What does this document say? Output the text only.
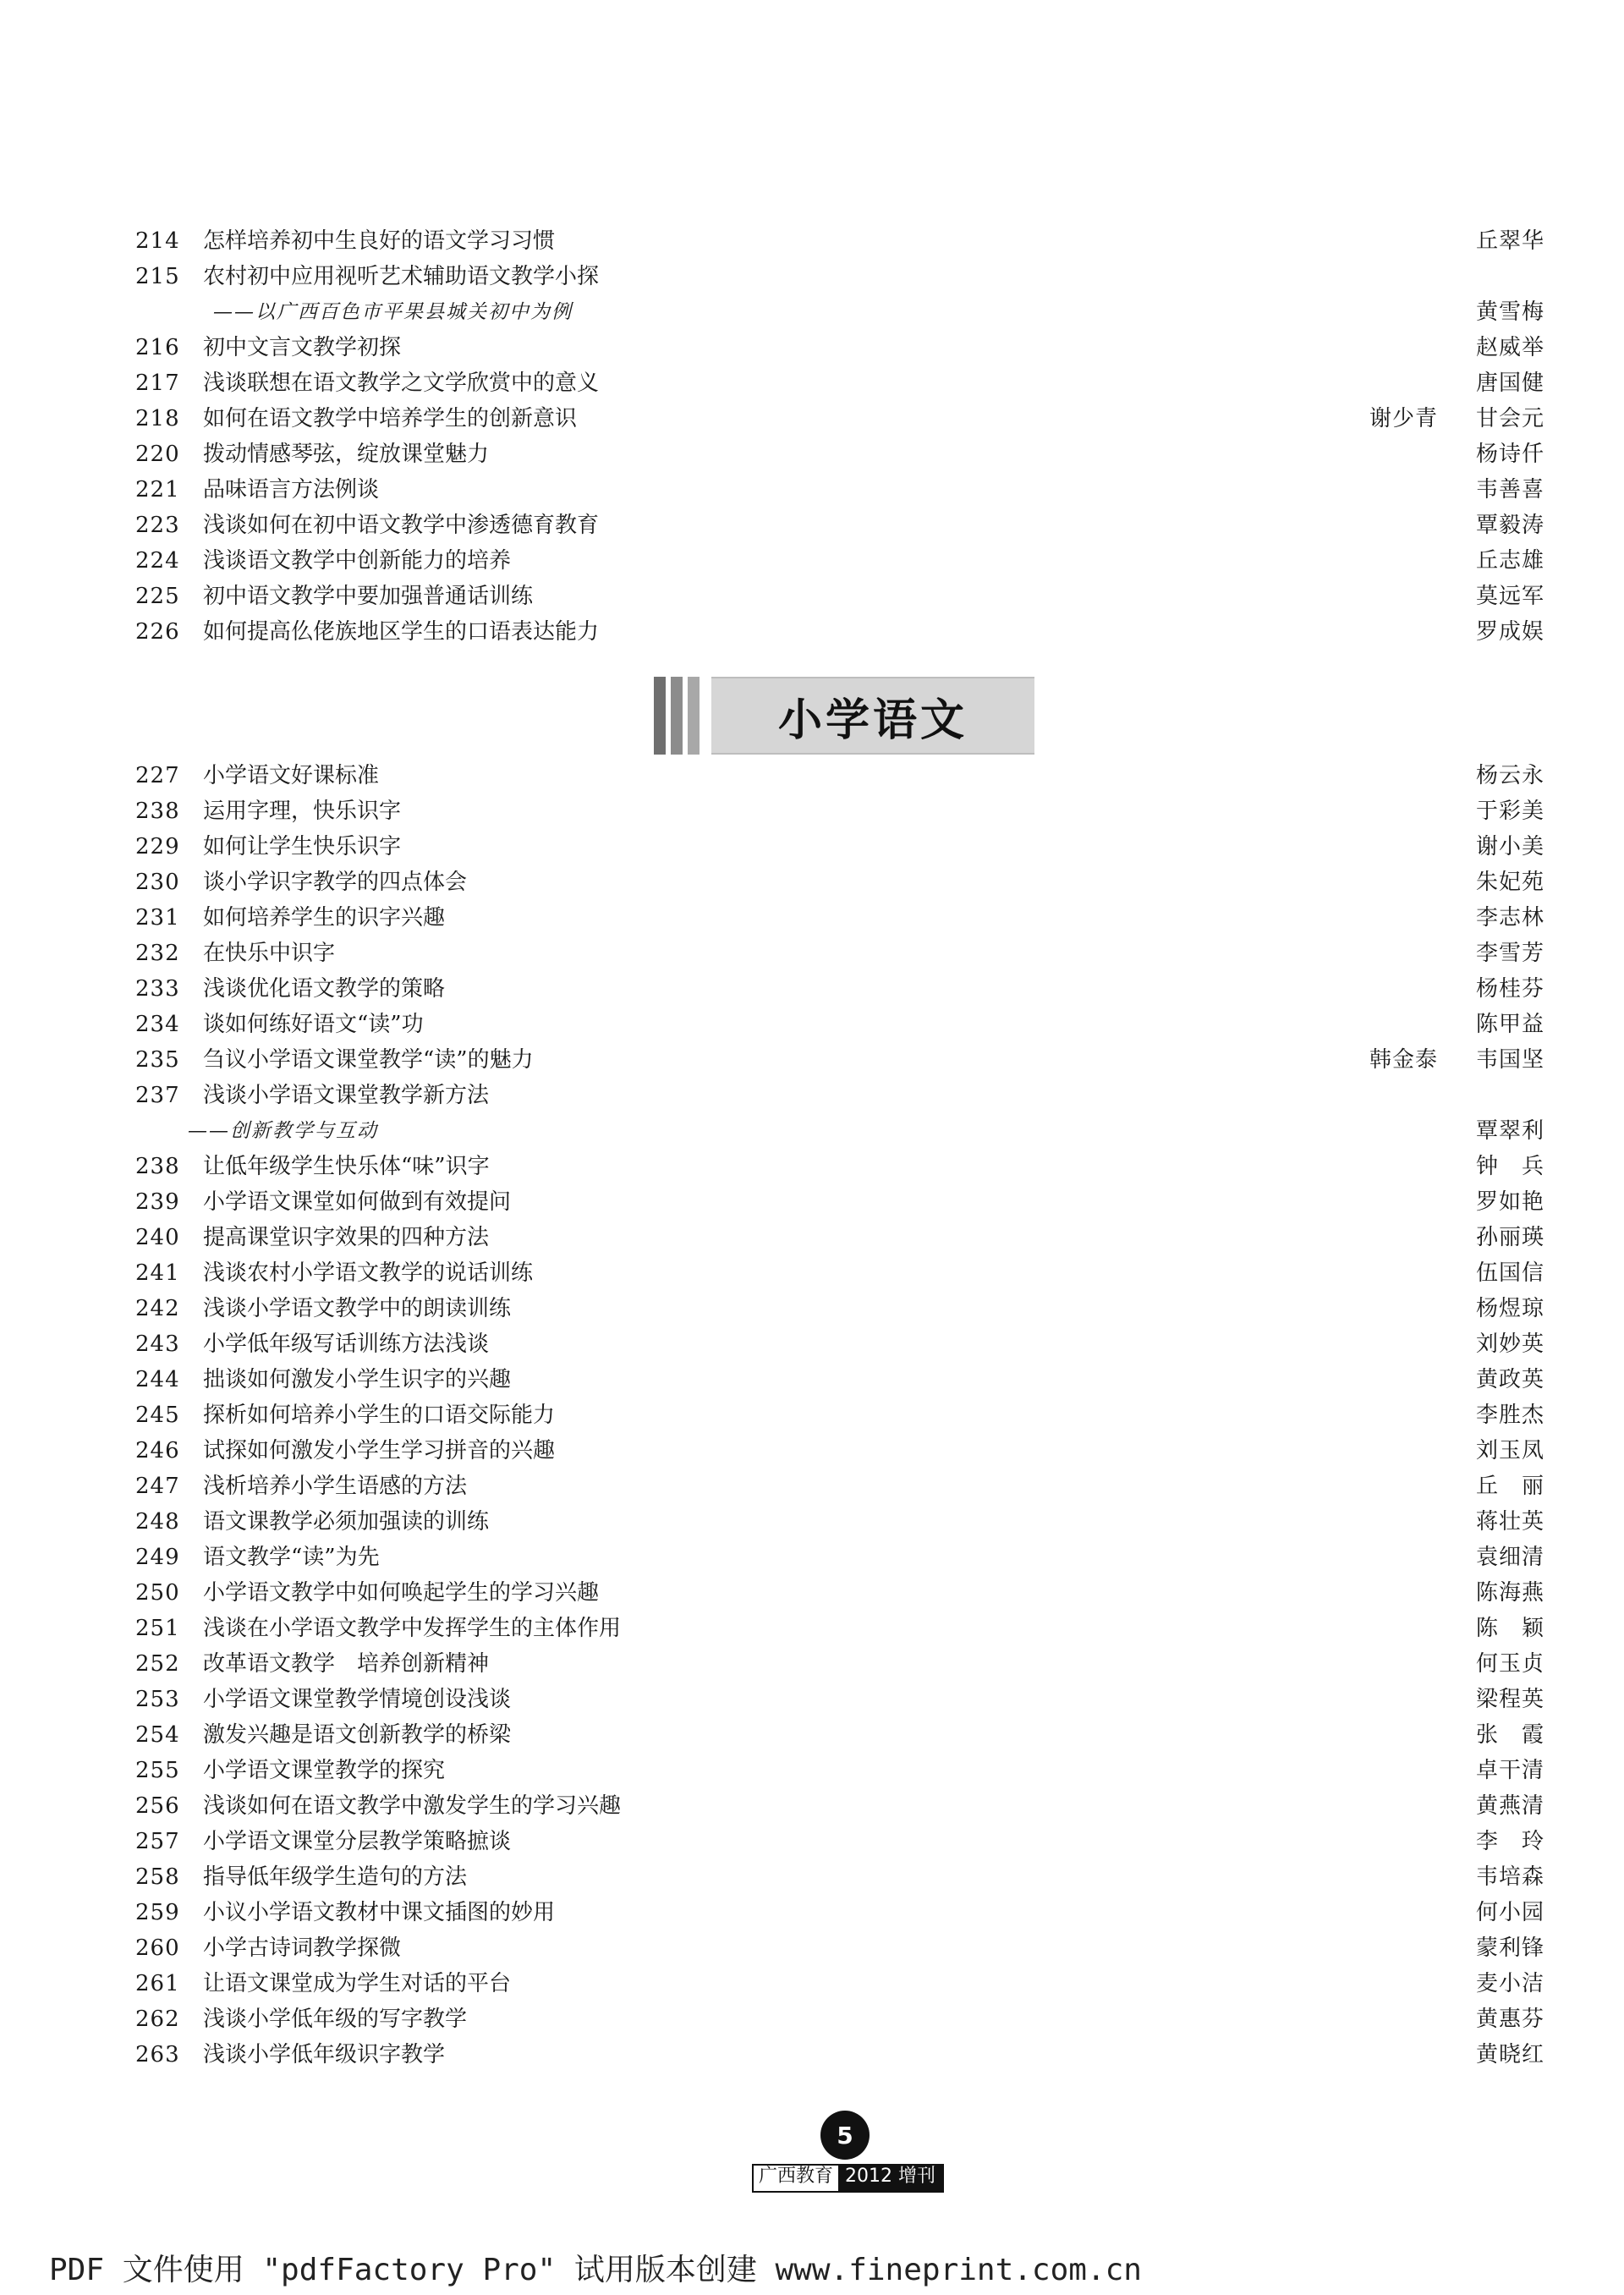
214	怎样培养初中生良好的语文学习习惯	丘翠华
215	农村初中应用视听艺术辅助语文教学小探
——以广西百色市平果县城关初中为例	黄雪梅
216	初中文言文教学初探	赵威举
217	浅谈联想在语文教学之文学欣赏中的意义	唐国健
218	如何在语文教学中培养学生的创新意识	谢少青 甘会元
220	拨动情感琴弦，绽放课堂魅力	杨诗仟
221	品味语言方法例谈	韦善喜
223	浅谈如何在初中语文教学中渗透德育教育	覃毅涛
224	浅谈语文教学中创新能力的培养	丘志雄
225	初中语文教学中要加强普通话训练	莫远军
226	如何提高仫佬族地区学生的口语表达能力	罗成娱
小学语文
227	小学语文好课标准	杨云永
238	运用字理，快乐识字	于彩美
229	如何让学生快乐识字	谢小美
230	谈小学识字教学的四点体会	朱妃苑
231	如何培养学生的识字兴趣	李志林
232	在快乐中识字	李雪芳
233	浅谈优化语文教学的策略	杨桂芬
234	谈如何练好语文“读”功	陈甲益
235	刍议小学语文课堂教学“读”的魅力	韩金泰 韦国坚
237	浅谈小学语文课堂教学新方法
——创新教学与互动	覃翠利
238	让低年级学生快乐体“味”识字	钟　兵
239	小学语文课堂如何做到有效提问	罗如艳
240	提高课堂识字效果的四种方法	孙丽瑛
241	浅谈农村小学语文教学的说话训练	伍国信
242	浅谈小学语文教学中的朗读训练	杨煜琼
243	小学低年级写话训练方法浅谈	刘妙英
244	拙谈如何激发小学生识字的兴趣	黄政英
245	探析如何培养小学生的口语交际能力	李胜杰
246	试探如何激发小学生学习拼音的兴趣	刘玉凤
247	浅析培养小学生语感的方法	丘　丽
248	语文课教学必须加强读的训练	蒋壮英
249	语文教学“读”为先	袁细清
250	小学语文教学中如何唤起学生的学习兴趣	陈海燕
251	浅谈在小学语文教学中发挥学生的主体作用	陈　颖
252	改革语文教学　培养创新精神	何玉贞
253	小学语文课堂教学情境创设浅谈	梁程英
254	激发兴趣是语文创新教学的桥梁	张　霞
255	小学语文课堂教学的探究	卓干清
256	浅谈如何在语文教学中激发学生的学习兴趣	黄燕清
257	小学语文课堂分层教学策略摭谈	李　玲
258	指导低年级学生造句的方法	韦培森
259	小议小学语文教材中课文插图的妙用	何小园
260	小学古诗词教学探微	蒙利锋
261	让语文课堂成为学生对话的平台	麦小洁
262	浅谈小学低年级的写字教学	黄惠芬
263	浅谈小学低年级识字教学	黄晓红
5
广西教育 2012 增刊
PDF 文件使用 "pdfFactory Pro" 试用版本创建 www.fineprint.com.cn
